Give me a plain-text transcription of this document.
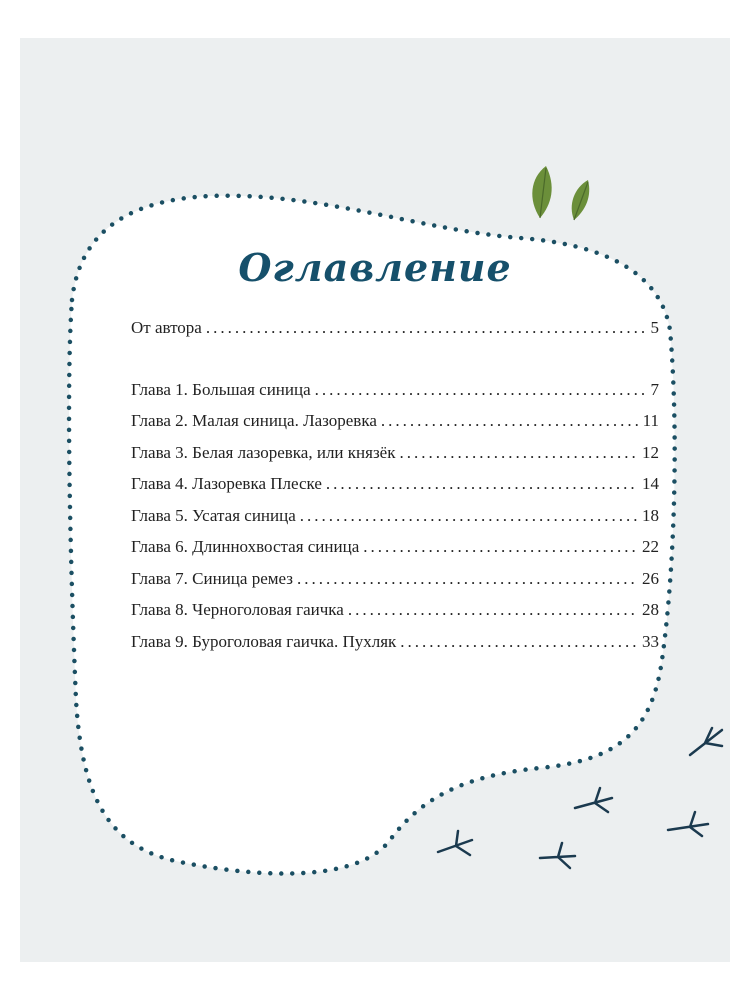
Оглавление
От автора .....	5
Глава 1. Большая синица .....	7
Глава 2. Малая синица. Лазоревка .....	11
Глава 3. Белая лазоревка, или князёк .....	12
Глава 4. Лазоревка Плеске .....	14
Глава 5. Усатая синица .....	18
Глава 6. Длиннохвостая синица .....	22
Глава 7. Синица ремез .....	26
Глава 8. Черноголовая гаичка .....	28
Глава 9. Буроголовая гаичка. Пухляк .....	33
